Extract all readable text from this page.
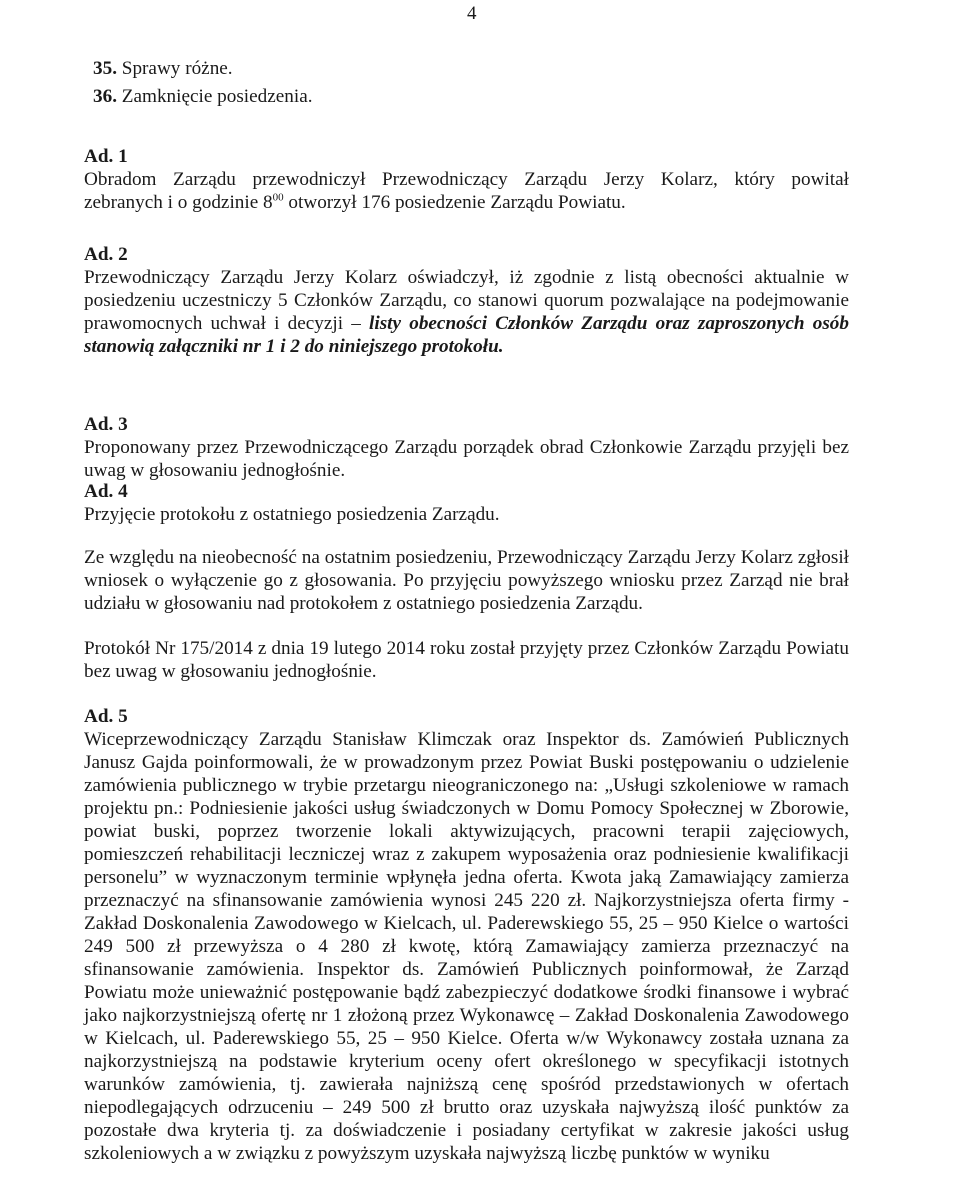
4
35. Sprawy różne.
36. Zamknięcie posiedzenia.
Ad. 1
Obradom Zarządu przewodniczył Przewodniczący Zarządu Jerzy Kolarz, który powitał
zebranych i o godzinie $8^{00}$ otworzył 176 posiedzenie Zarządu Powiatu.
Ad. 2
Przewodniczący Zarządu Jerzy Kolarz oświadczył, iż zgodnie z listą obecności aktualnie w posiedzeniu uczestniczy 5 Członków Zarządu, co stanowi quorum pozwalające na podejmowanie prawomocnych uchwał i decyzji – listy obecności Członków Zarządu oraz zaproszonych osób stanowią załączniki nr 1 i 2 do niniejszego protokołu.
Ad. 3
Proponowany przez Przewodniczącego Zarządu porządek obrad Członkowie Zarządu przyjęli bez uwag w głosowaniu jednogłośnie.
Ad. 4
Przyjęcie protokołu z ostatniego posiedzenia Zarządu.
Ze względu na nieobecność na ostatnim posiedzeniu, Przewodniczący Zarządu Jerzy Kolarz zgłosił wniosek o wyłączenie go z głosowania. Po przyjęciu powyższego wniosku przez Zarząd nie brał udziału w głosowaniu nad protokołem z ostatniego posiedzenia Zarządu.
Protokół Nr 175/2014 z dnia 19 lutego 2014 roku został przyjęty przez Członków Zarządu Powiatu bez uwag w głosowaniu jednogłośnie.
Ad. 5
Wiceprzewodniczący Zarządu Stanisław Klimczak oraz Inspektor ds. Zamówień Publicznych Janusz Gajda poinformowali, że w prowadzonym przez Powiat Buski postępowaniu o udzielenie zamówienia publicznego w trybie przetargu nieograniczonego na: „Usługi szkoleniowe w ramach projektu pn.: Podniesienie jakości usług świadczonych w Domu Pomocy Społecznej w Zborowie, powiat buski, poprzez tworzenie lokali aktywizujących, pracowni terapii zajęciowych, pomieszczeń rehabilitacji leczniczej wraz z zakupem wyposażenia oraz podniesienie kwalifikacji personelu” w wyznaczonym terminie wpłynęła jedna oferta. Kwota jaką Zamawiający zamierza przeznaczyć na sfinansowanie zamówienia wynosi 245 220 zł. Najkorzystniejsza oferta firmy - Zakład Doskonalenia Zawodowego w Kielcach, ul. Paderewskiego 55, 25 – 950 Kielce o wartości 249 500 zł przewyższa o 4 280 zł kwotę, którą Zamawiający zamierza przeznaczyć na sfinansowanie zamówienia. Inspektor ds. Zamówień Publicznych poinformował, że Zarząd Powiatu może unieważnić postępowanie bądź zabezpieczyć dodatkowe środki finansowe i wybrać jako najkorzystniejszą ofertę nr 1 złożoną przez Wykonawcę – Zakład Doskonalenia Zawodowego w Kielcach, ul. Paderewskiego 55, 25 – 950 Kielce. Oferta w/w Wykonawcy została uznana za najkorzystniejszą na podstawie kryterium oceny ofert określonego w specyfikacji istotnych warunków zamówienia, tj. zawierała najniższą cenę spośród przedstawionych w ofertach niepodlegających odrzuceniu – 249 500 zł brutto oraz uzyskała najwyższą ilość punktów za pozostałe dwa kryteria tj. za doświadczenie i posiadany certyfikat w zakresie jakości usług szkoleniowych a w związku z powyższym uzyskała najwyższą liczbę punktów w wyniku
